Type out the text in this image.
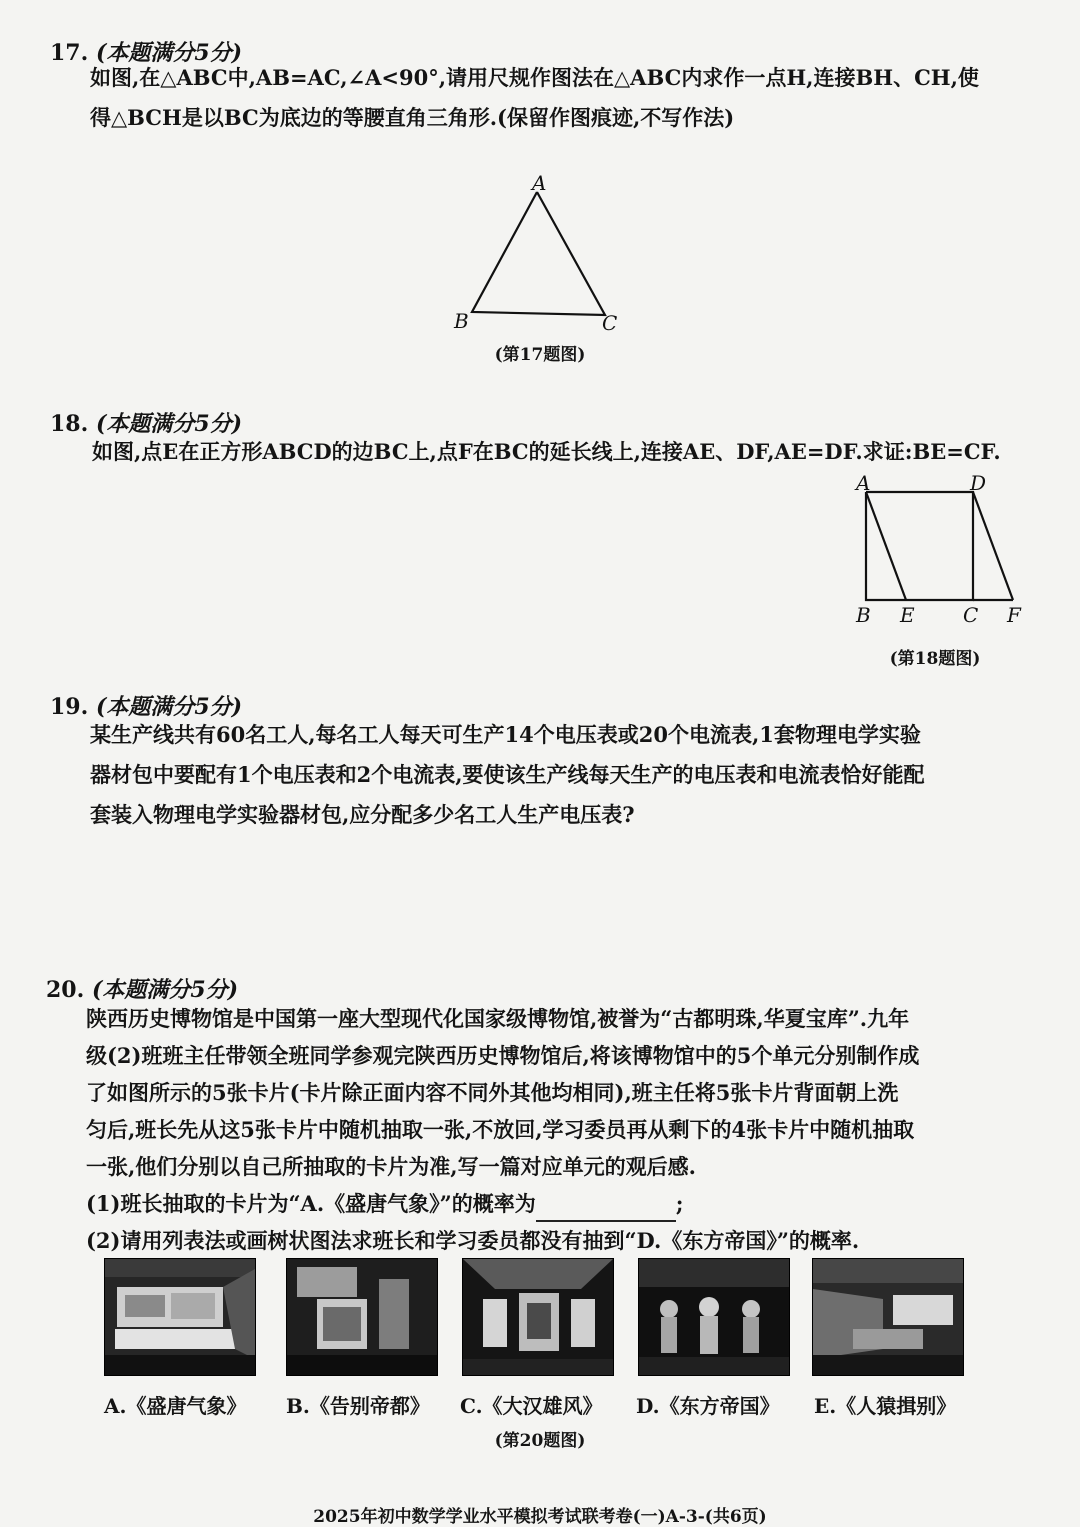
17. (本题满分5分)
如图,在△ABC中,AB=AC,∠A<90°,请用尺规作图法在△ABC内求作一点H,连接BH、CH,使
得△BCH是以BC为底边的等腰直角三角形.(保留作图痕迹,不写作法)
A
B	C
(第17题图)
18. (本题满分5分)
如图,点E在正方形ABCD的边BC上,点F在BC的延长线上,连接AE、DF,AE=DF.求证:BE=CF.
A	D
B E C F
(第18题图)
19. (本题满分5分)
某生产线共有60名工人,每名工人每天可生产14个电压表或20个电流表,1套物理电学实验
器材包中要配有1个电压表和2个电流表,要使该生产线每天生产的电压表和电流表恰好能配
套装入物理电学实验器材包,应分配多少名工人生产电压表?
20. (本题满分5分)
陕西历史博物馆是中国第一座大型现代化国家级博物馆,被誉为“古都明珠,华夏宝库”.九年
级(2)班班主任带领全班同学参观完陕西历史博物馆后,将该博物馆中的5个单元分别制作成
了如图所示的5张卡片(卡片除正面内容不同外其他均相同),班主任将5张卡片背面朝上洗
匀后,班长先从这5张卡片中随机抽取一张,不放回,学习委员再从剩下的4张卡片中随机抽取
一张,他们分别以自己所抽取的卡片为准,写一篇对应单元的观后感.
(1)班长抽取的卡片为“A.《盛唐气象》”的概率为	;
(2)请用列表法或画树状图法求班长和学习委员都没有抽到“D.《东方帝国》”的概率.
A.《盛唐气象》 B.《告别帝都》 C.《大汉雄风》 D.《东方帝国》 E.《人猿揖别》
(第20题图)
2025年初中数学学业水平模拟考试联考卷(一)A-3-(共6页)
